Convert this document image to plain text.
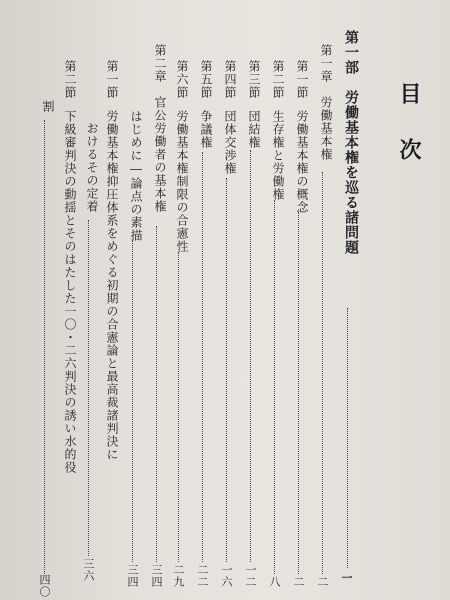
目次
第一部
労働基本権を巡る諸問題
一
第一章
労働基本権
二
第一節
労働基本権の概念
二
第二節
生存権と労働権
八
第三節
団結権
一二
第四節
団体交渉権
一六
第五節
争議権
二二
第六節
労働基本権制限の合憲性
二九
第二章
官公労働者の基本権
三四
はじめに―論点の素描
三四
第一節
労働基本権抑圧体系をめぐる初期の合憲論と最高裁諸判決に
おけるその定着
三六
第二節
下級審判決の動揺とそのはたした一〇・二六判決の誘い水的役
割
四〇
